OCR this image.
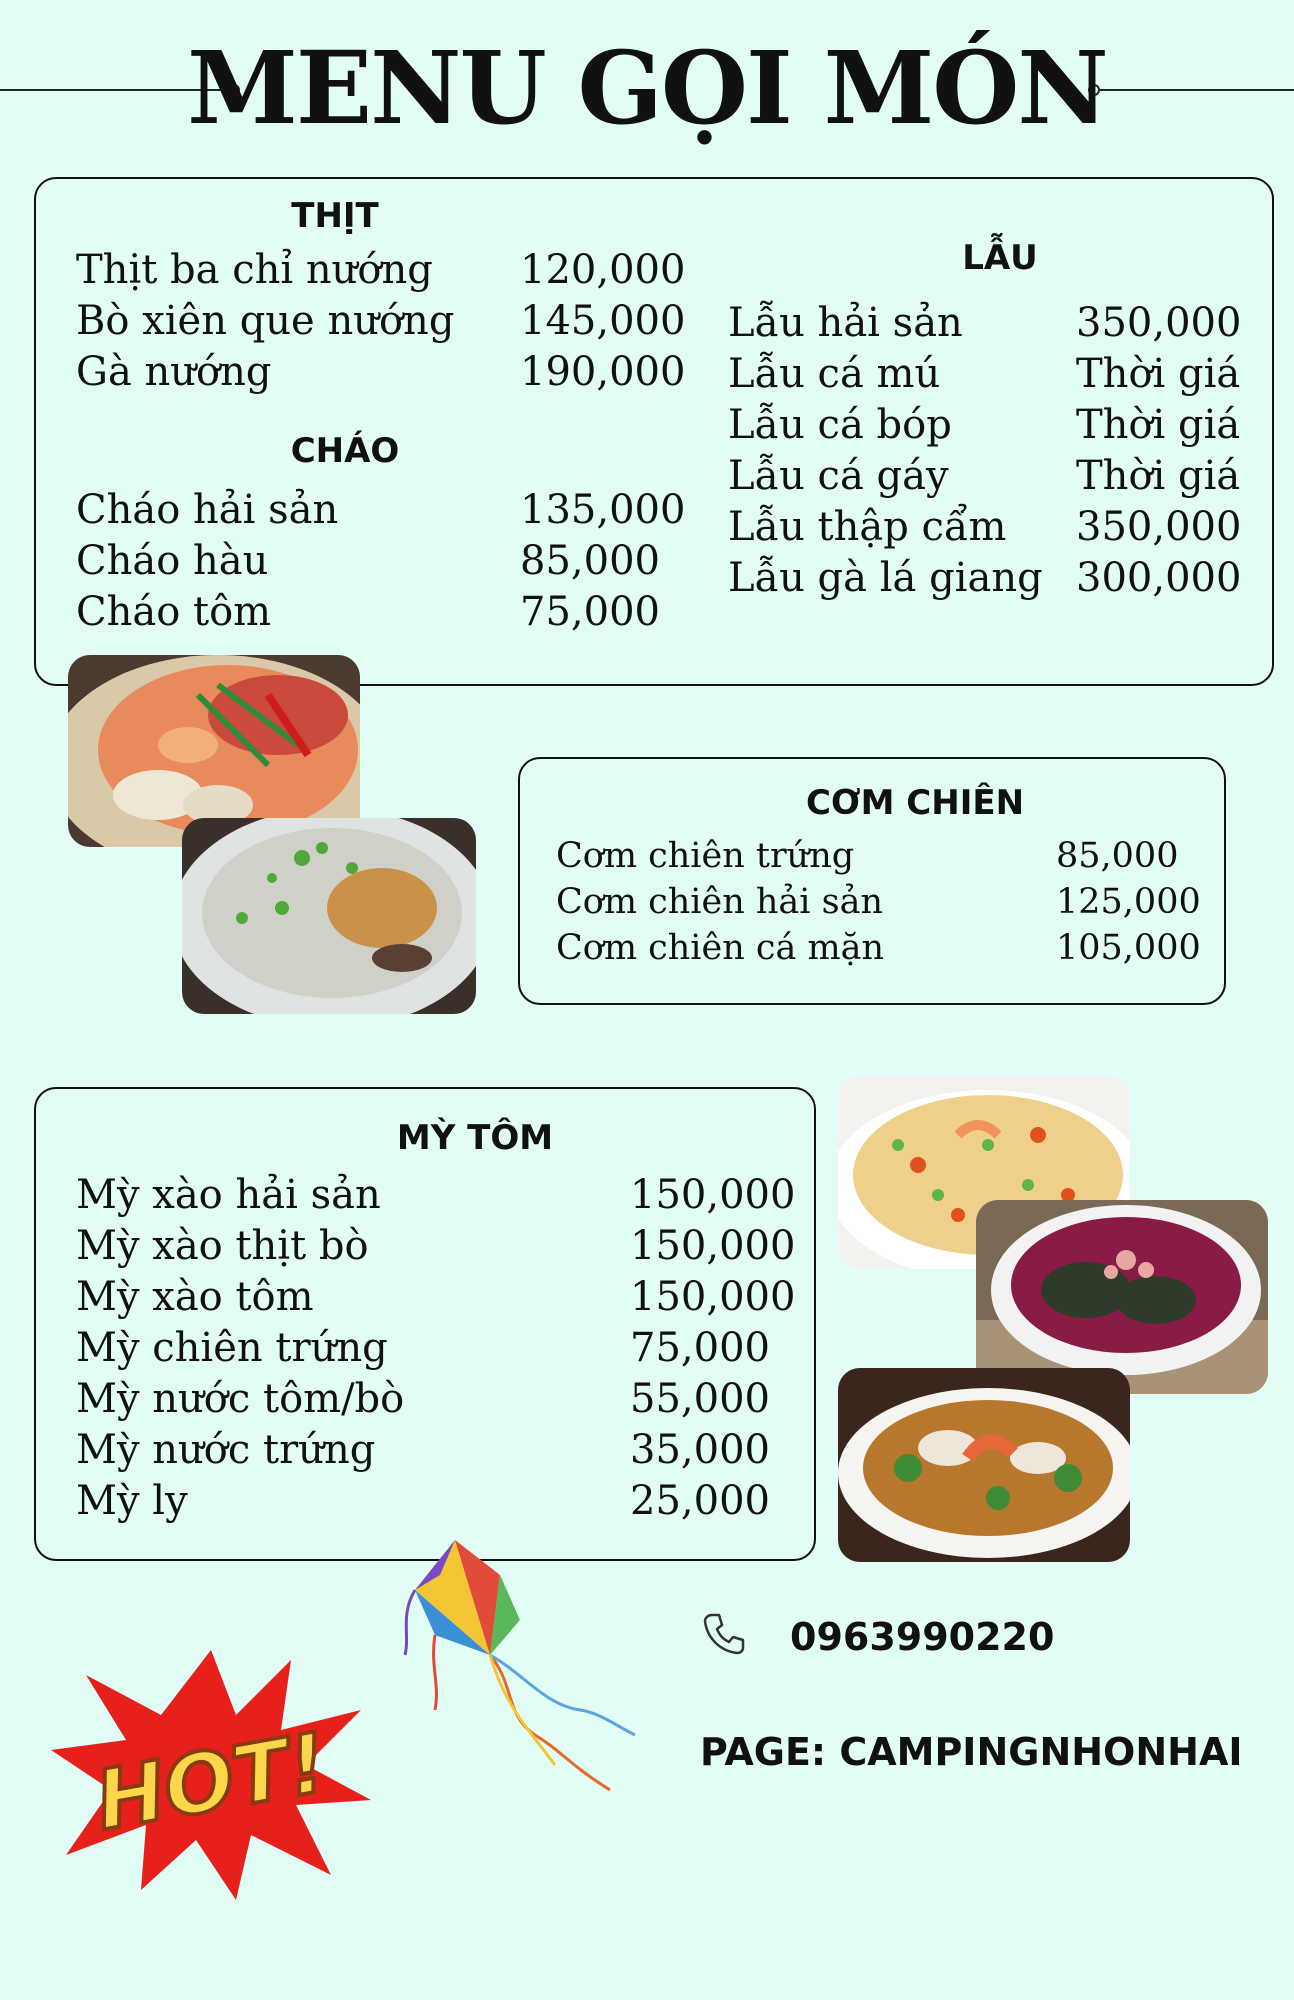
MENU GỌI MÓN
THỊT
Thịt ba chỉ nướng 120,000
Bò xiên que nướng 145,000
Gà nướng	190,000
CHÁO
Cháo hải sản	135,000
Cháo hàu	85,000
Cháo tôm	75,000
LẪU
Lẫu hải sản	350,000
Lẫu cá mú	Thời giá
Lẫu cá bóp	Thời giá
Lẫu cá gáy	Thời giá
Lẫu thập cẩm 350,000
Lẫu gà lá giang 300,000
CƠM CHIÊN
Cơm chiên trứng	85,000
Cơm chiên hải sản	125,000
Cơm chiên cá mặn	105,000
MỲ TÔM
Mỳ xào hải sản	150,000
Mỳ xào thịt bò	150,000
Mỳ xào tôm	150,000
Mỳ chiên trứng	75,000
Mỳ nước tôm/bò	55,000
Mỳ nước trứng	35,000
Mỳ ly	25,000
HOT!
0963990220
PAGE: CAMPINGNHONHAI
